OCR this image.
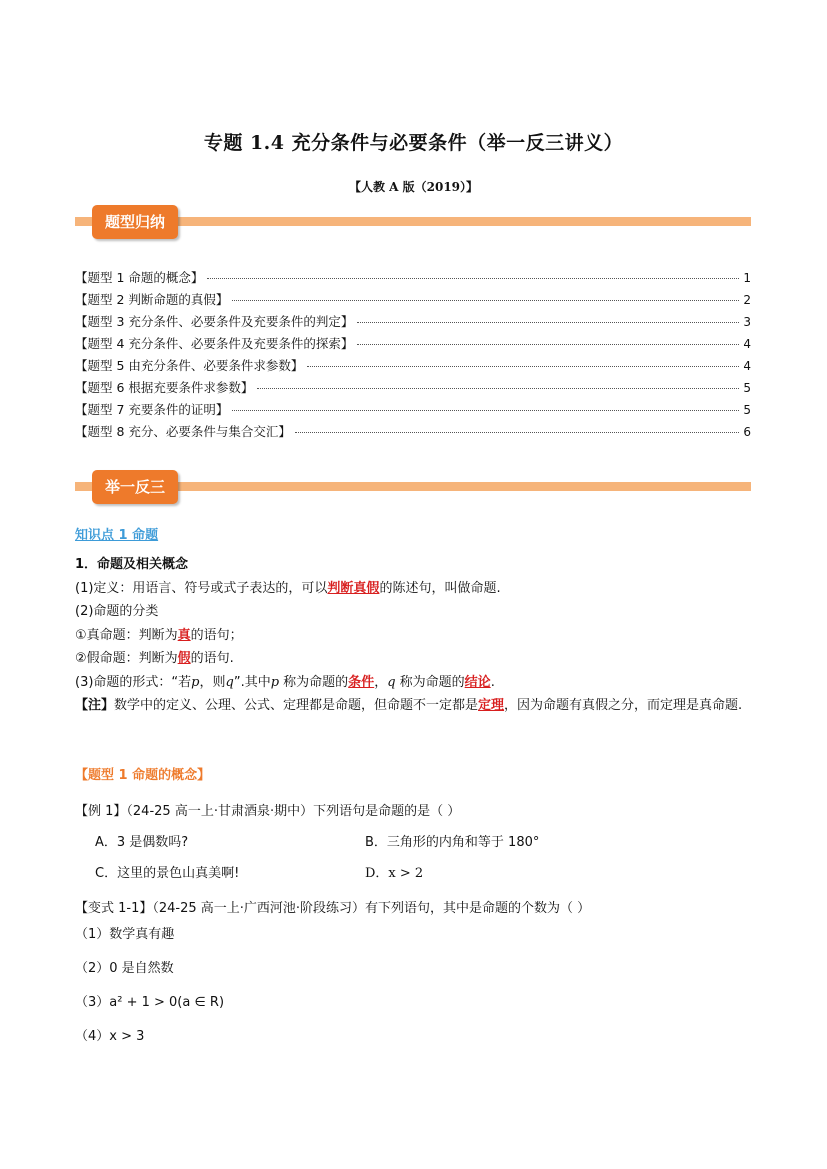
专题 1.4 充分条件与必要条件（举一反三讲义）
【人教 A 版（2019）】
题型归纳
【题型 1 命题的概念】	1
【题型 2 判断命题的真假】	2
【题型 3 充分条件、必要条件及充要条件的判定】	3
【题型 4 充分条件、必要条件及充要条件的探索】	4
【题型 5 由充分条件、必要条件求参数】	4
【题型 6 根据充要条件求参数】	5
【题型 7 充要条件的证明】	5
【题型 8 充分、必要条件与集合交汇】	6
举一反三
知识点 1 命题
1．命题及相关概念
(1)定义：用语言、符号或式子表达的，可以判断真假的陈述句，叫做命题.
(2)命题的分类
①真命题：判断为真的语句；
②假命题：判断为假的语句.
(3)命题的形式：“若p，则q”.其中p 称为命题的条件，q 称为命题的结论.
【注】数学中的定义、公理、公式、定理都是命题，但命题不一定都是定理，因为命题有真假之分，而定理是真命题.
【题型 1 命题的概念】
【例 1】（24-25 高一上·甘肃酒泉·期中）下列语句是命题的是（ ）
A．3 是偶数吗?	B．三角形的内角和等于 180°
C．这里的景色山真美啊!	D．x > 2
【变式 1-1】（24-25 高一上·广西河池·阶段练习）有下列语句，其中是命题的个数为（ ）
（1）数学真有趣
（2）0 是自然数
（3）a² + 1 > 0(a ∈ R)
（4）x > 3
